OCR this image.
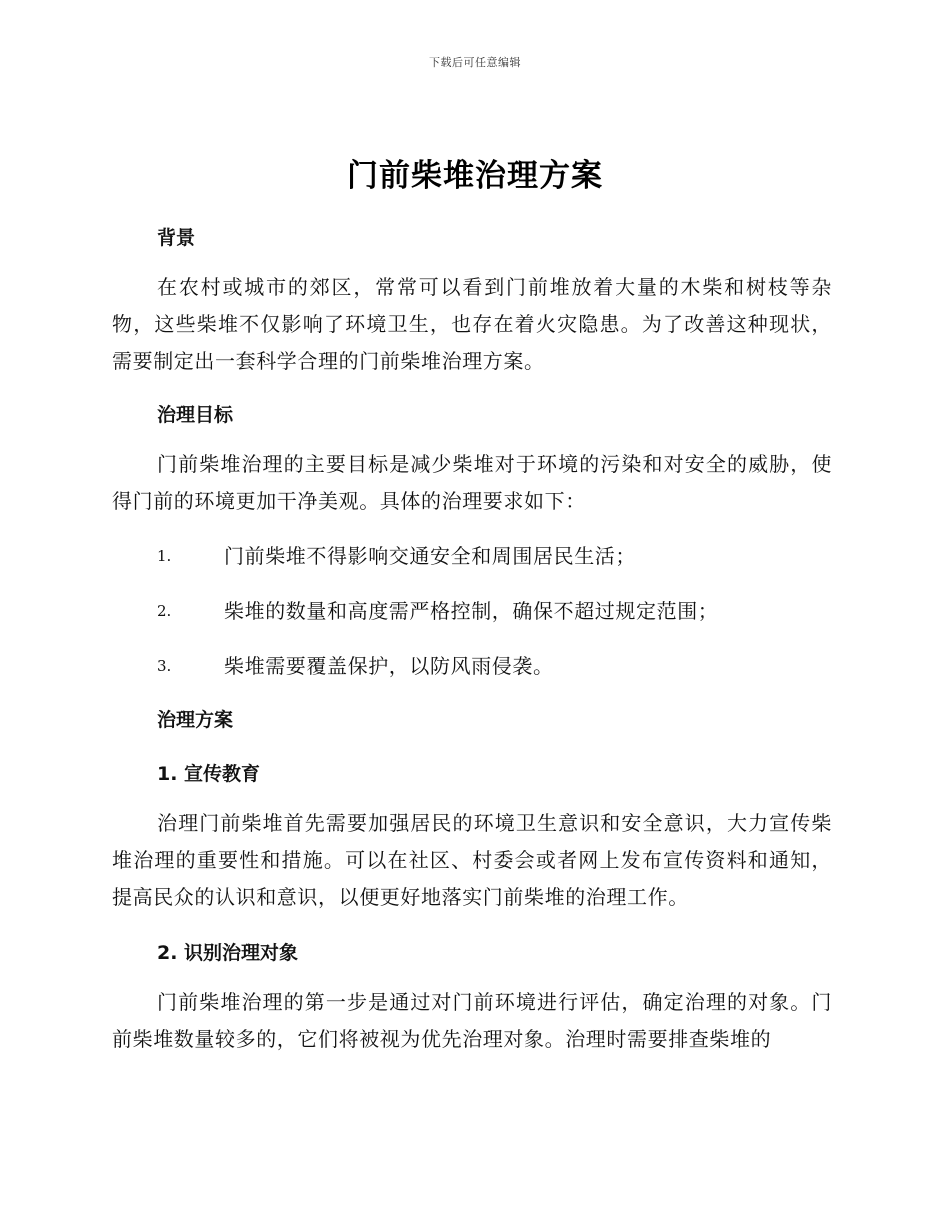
下载后可任意编辑
门前柴堆治理方案
背景

在农村或城市的郊区，常常可以看到门前堆放着大量的木柴和树枝等杂物，这些柴堆不仅影响了环境卫生，也存在着火灾隐患。为了改善这种现状，需要制定出一套科学合理的门前柴堆治理方案。

治理目标

门前柴堆治理的主要目标是减少柴堆对于环境的污染和对安全的威胁，使得门前的环境更加干净美观。具体的治理要求如下：

1.	门前柴堆不得影响交通安全和周围居民生活；
2.	柴堆的数量和高度需严格控制，确保不超过规定范围；
3.	柴堆需要覆盖保护，以防风雨侵袭。
治理方案
1. 宣传教育

治理门前柴堆首先需要加强居民的环境卫生意识和安全意识，大力宣传柴堆治理的重要性和措施。可以在社区、村委会或者网上发布宣传资料和通知，提高民众的认识和意识，以便更好地落实门前柴堆的治理工作。

2. 识别治理对象

门前柴堆治理的第一步是通过对门前环境进行评估，确定治理的对象。门前柴堆数量较多的，它们将被视为优先治理对象。治理时需要排查柴堆的
